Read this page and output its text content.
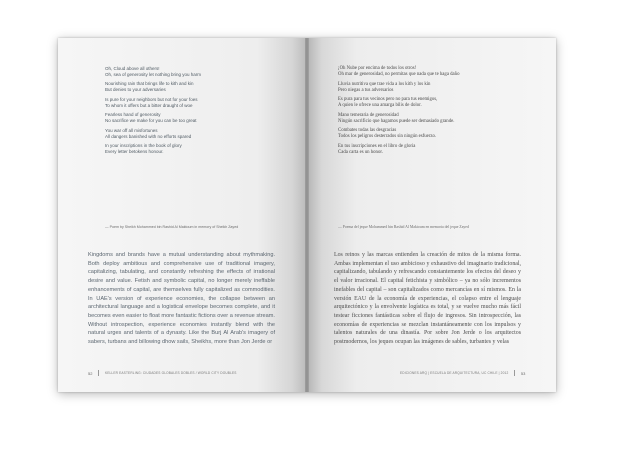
Oh, Cloud above all others!
Oh, sea of generosity let nothing bring you harm
Nourishing rain that brings life to kith and kin
But denies to your adversaries
Is pure for your neighbors but not for your foes
To whom it offers but a bitter draught of woe
Fearless hand of generosity
No sacrifice we make for you can be too great
You war off all misfortunes
All dangers banished with no efforts spared
In your inscriptions in the book of glory
Every letter betokens honour.
— Poem by Sheikh Mohammed bin Rashid Al Maktoum in memory of Sheikh Zayed
Kingdoms and brands have a mutual understanding about mythmaking. Both deploy ambitious and comprehensive use of traditional imagery, capitalizing, tabulating, and constantly refreshing the effects of irrational desire and value. Fetish and symbolic capital, no longer merely ineffable enhancements of capital, are themselves fully capitalized as commodities. In UAE's version of experience economies, the collapse between an architectural language and a logistical envelope becomes complete, and it becomes even easier to float more fantastic fictions over a revenue stream. Without introspection, experience economies instantly blend with the natural urges and talents of a dynasty. Like the Burj Al Arab's imagery of sabers, turbans and billowing dhow sails, Sheikhs, more than Jon Jerde or
52	KELLER EASTERLING: CIUDADES GLOBALES DOBLES / WORLD CITY DOUBLES
¡Oh Nube por encima de todos los otros!
Oh mar de generosidad, no permitas que nada que te haga daño
Lluvia nutritiva que trae vida a los kith y los kin
Pero niegas a tus adversarios
Es pura para tus vecinos pero no para tus enemigos,
A quien le ofrece una amarga bilis de dolor.
Mano temeraria de generosidad
Ningún sacrificio que hagamos puede ser demasiado grande.
Combates todas las desgracias
Todos los peligros desterrados sin ningún esfuerzo.
En tus inscripciones en el libro de gloria
Cada carta es un honor.
— Poema del jeque Mohammed bin Rashid Al Maktoum en memoria del jeque Zayed
Los reinos y las marcas entienden la creación de mitos de la misma forma. Ambas implementan el uso ambicioso y exhaustivo del imaginario tradicional, capitalizando, tabulando y refrescando constantemente los efectos del deseo y el valor irracional. El capital fetichista y simbólico – ya no sólo incrementos inefables del capital – son capitalizados como mercancías en sí mismos. En la versión EAU de la economía de experiencias, el colapso entre el lenguaje arquitectónico y la envolvente logística es total, y se vuelve mucho más fácil testear ficciones fantásticas sobre el flujo de ingresos. Sin introspección, las economías de experiencias se mezclan instantáneamente con los impulsos y talentos naturales de una dinastía. Por sobre Jon Jerde o los arquitectos postmodernos, los jeques ocupan las imágenes de sables, turbantes y velas
EDICIONES ARQ | ESCUELA DE ARQUITECTURA, UC CHILE | 2012	53
